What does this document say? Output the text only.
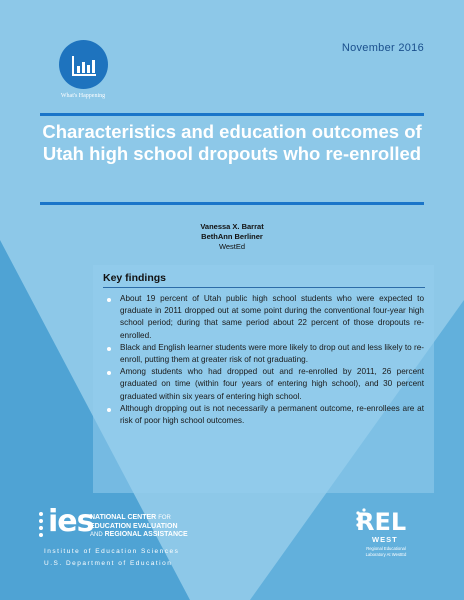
November 2016
What's Happening
Characteristics and education outcomes of Utah high school dropouts who re-enrolled
Vanessa X. Barrat
BethAnn Berliner
WestEd
Key findings
About 19 percent of Utah public high school students who were expected to graduate in 2011 dropped out at some point during the conventional four-year high school period; during that same period about 22 percent of those dropouts re-enrolled.
Black and English learner students were more likely to drop out and less likely to re-enroll, putting them at greater risk of not graduating.
Among students who had dropped out and re-enrolled by 2011, 26 percent graduated on time (within four years of entering high school), and 30 percent graduated within six years of entering high school.
Although dropping out is not necessarily a permanent outcome, re-enrollees are at risk of poor high school outcomes.
ies
NATIONAL CENTER FOR
EDUCATION EVALUATION
AND REGIONAL ASSISTANCE
Institute of Education Sciences
U.S. Department of Education
REL
WEST
Regional Educational Laboratory At WestEd
